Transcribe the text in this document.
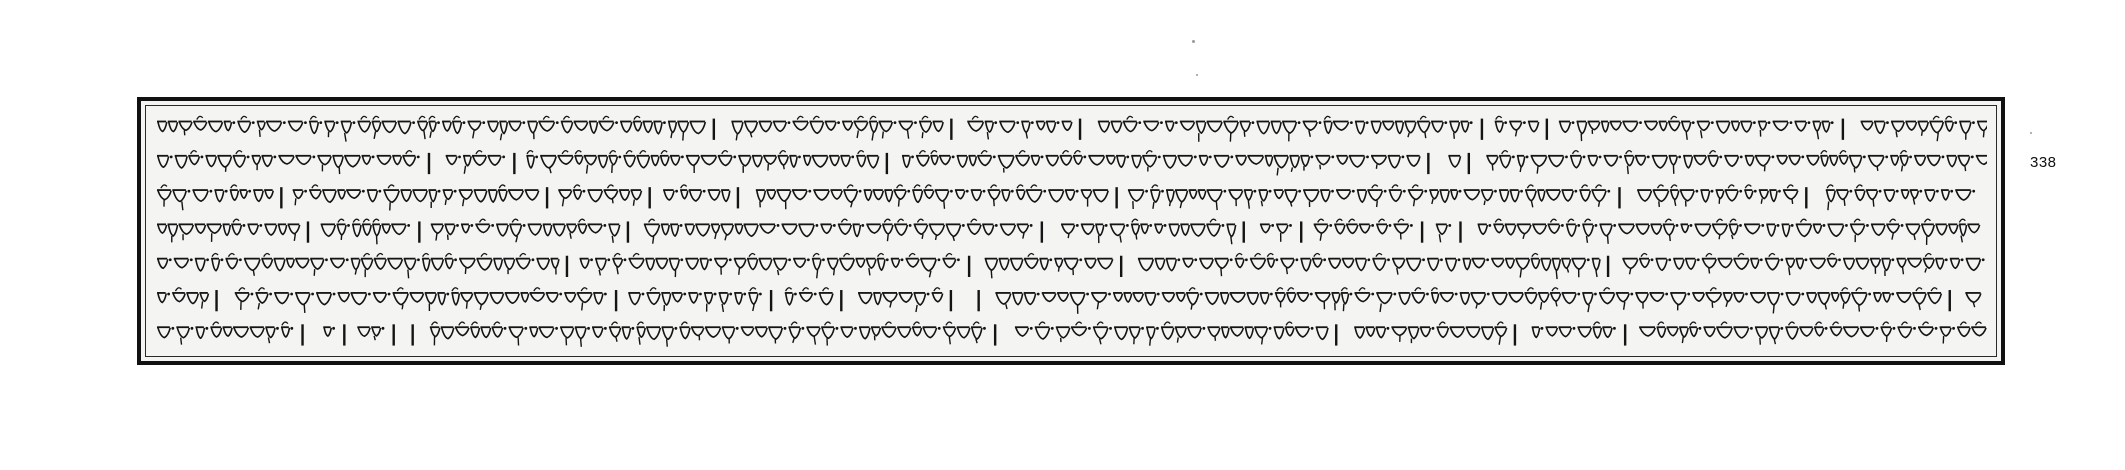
338
